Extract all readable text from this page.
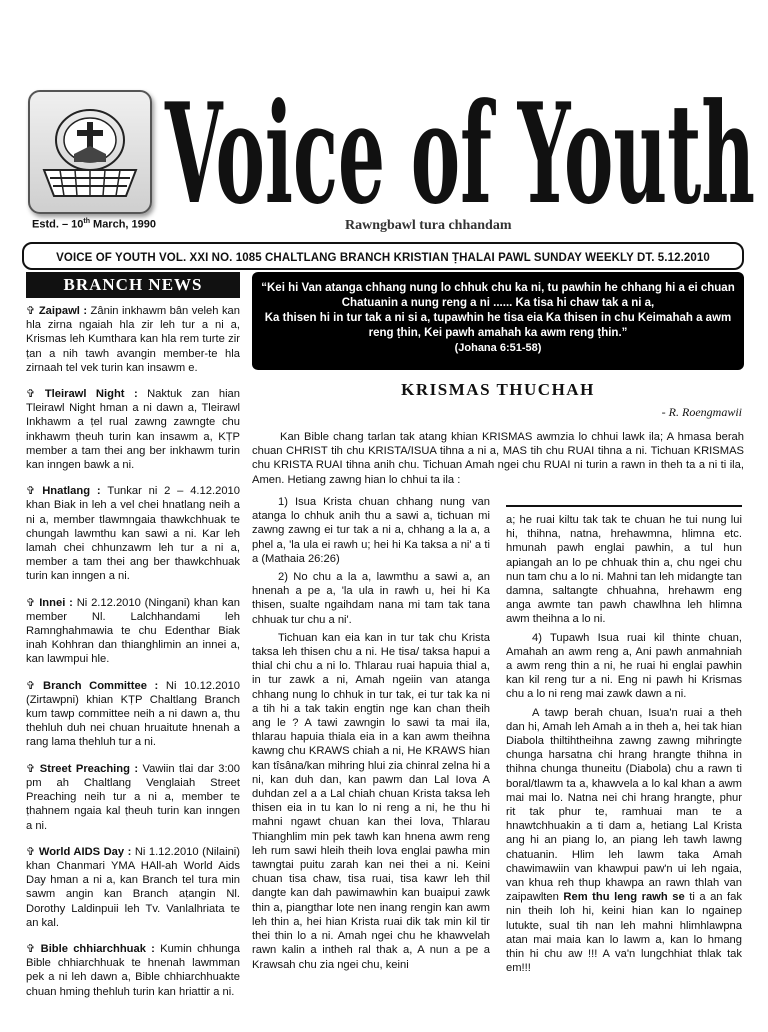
Voice of Youth
Estd. – 10th March, 1990	Rawngbawl tura chhandam
VOICE OF YOUTH VOL. XXI NO. 1085 CHALTLANG BRANCH KRISTIAN ṬHALAI PAWL SUNDAY WEEKLY DT. 5.12.2010
BRANCH NEWS

✞ Zaipawl : Zânin inkhawm bân veleh kan hla zirna ngaiah hla zir leh tur a ni a, Krismas leh Kumthara kan hla rem turte zir ṭan a nih tawh avangin member-te hla zirnaah tel vek turin kan insawm e.

✞ Tleirawl Night : Naktuk zan hian Tleirawl Night hman a ni dawn a, Tleirawl Inkhawm a ṭel rual zawng zawngte chu inkhawm ṭheuh turin kan insawm a, KṬP member a tam thei ang ber inkhawm turin kan inngen bawk a ni.

✞ Hnatlang : Tunkar ni 2 – 4.12.2010 khan Biak in leh a vel chei hnatlang neih a ni a, member tlawmngaia thawkchhuak te chungah lawmthu kan sawi a ni. Kar leh lamah chei chhunzawm leh tur a ni a, member a tam thei ang ber thawkchhuak turin kan inngen a ni.

✞ Innei : Ni 2.12.2010 (Ningani) khan kan member Nl. Lalchhandami leh Ramnghahmawia te chu Edenthar Biak inah Kohhran dan thianghlimin an innei a, kan lawmpui hle.

✞ Branch Committee : Ni 10.12.2010 (Zirtawpni) khian KṬP Chaltlang Branch kum tawp committee neih a ni dawn a, thu thehluh duh nei chuan hruaitute hnenah a rang lama thehluh tur a ni.

✞ Street Preaching : Vawiin tlai dar 3:00 pm ah Chaltlang Venglaiah Street Preaching neih tur a ni a, member te ṭhahnem ngaia kal ṭheuh turin kan inngen a ni.

✞ World AIDS Day : Ni 1.12.2010 (Nilaini) khan Chanmari YMA HAll-ah World Aids Day hman a ni a, kan Branch tel tura min sawm angin kan Branch aṭangin Nl. Dorothy Laldinpuii leh Tv. Vanlalhriata te an kal.

✞ Bible chhiarchhuak : Kumin chhunga Bible chhiarchhuak te hnenah lawmman pek a ni leh dawn a, Bible chhiarchhuakte chuan hming thehluh turin kan hriattir a ni.

“Kei hi Van atanga chhang nung lo chhuk chu ka ni, tu pawhin he chhang hi a ei chuan Chatuanin a nung reng a ni ...... Ka tisa hi chaw tak a ni a,
Ka thisen hi in tur tak a ni si a, tupawhin he tisa eia Ka thisen in chu Keimahah a awm reng ṭhin, Kei pawh amahah ka awm reng ṭhin.”
(Johana 6:51-58)
KRISMAS THUCHAH
- R. Roengmawii
Kan Bible chang tarlan tak atang khian KRISMAS awmzia lo chhui lawk ila; A hmasa berah chuan CHRIST tih chu KRISTA/ISUA tihna a ni a, MAS tih chu RUAI tihna a ni. Tichuan KRISMAS chu KRISTA RUAI tihna anih chu. Tichuan Amah ngei chu RUAI ni turin a rawn in theh ta a ni ti ila, Amen. Hetiang zawng hian lo chhui ta ila :

1) Isua Krista chuan chhang nung van atanga lo chhuk anih thu a sawi a, tichuan mi zawng zawng ei tur tak a ni a, chhang a la a, a phel a, 'la ula ei rawh u; hei hi Ka taksa a ni' a ti a (Mathaia 26:26)

2) No chu a la a, lawmthu a sawi a, an hnenah a pe a, 'la ula in rawh u, hei hi Ka thisen, sualte ngaihdam nana mi tam tak tana chhuak tur chu a ni'.

Tichuan kan eia kan in tur tak chu Krista taksa leh thisen chu a ni. He tisa/ taksa hapui a thial chi chu a ni lo. Thlarau ruai hapuia thial a, in tur zawk a ni, Amah ngeiin van atanga chhang nung lo chhuk in tur tak, ei tur tak ka ni a tih hi a tak takin engtin nge kan chan theih ang le ? A tawi zawngin lo sawi ta mai ila, thlarau hapuia thiala eia in a kan awm theihna kawng chu KRAWS chiah a ni, He KRAWS hian kan tîsâna/kan mihring hlui zia chinral zelna hi a ni, kan duh dan, kan pawm dan Lal Iova A duhdan zel a a Lal chiah chuan Krista taksa leh thisen eia in tu kan lo ni reng a ni, he thu hi mahni ngawt chuan kan thei lova, Thlarau Thianghlim min pek tawh kan hnena awm reng leh rum sawi hleih theih lova englai pawha min tawngtai puitu zarah kan nei thei a ni. Keini chuan tisa chaw, tisa ruai, tisa kawr leh thil dangte kan dah pawimawhin kan buaipui zawk thin a, piangthar lote nen inang rengin kan awm leh thin a, hei hian Krista ruai dik tak min kil tir thei thin lo a ni. Amah ngei chu he khawvelah rawn kalin a intheh ral thak a, A nun a pe a Krawsah chu zia ngei chu, keini

a; he ruai kiltu tak tak te chuan he tui nung lui hi, thihna, natna, hrehawmna, hlimna etc. hmunah pawh englai pawhin, a tul hun apiangah an lo pe chhuak thin a, chu ngei chu nun tam chu a lo ni. Mahni tan leh midangte tan damna, saltangte chhuahna, hrehawm eng anga awmte tan pawh chawlhna leh hlimna awm theihna a lo ni.

4) Tupawh Isua ruai kil thinte chuan, Amahah an awm reng a, Ani pawh anmahniah a awm reng thin a ni, he ruai hi englai pawhin kan kil reng tur a ni. Eng ni pawh hi Krismas chu a lo ni reng mai zawk dawn a ni.

A tawp berah chuan, Isua'n ruai a theh dan hi, Amah leh Amah a in theh a, hei tak hian Diabola thiltihtheihna zawng zawng mihringte chunga harsatna chi hrang hrangte thihna in thihna chunga thuneitu (Diabola) chu a rawn ti boral/tlawm ta a, khawvela a lo kal khan a awm mai mai lo. Natna nei chi hrang hrangte, phur rit tak phur te, ramhuai man te a hnawtchhuakin a ti dam a, hetiang Lal Krista ang hi an piang lo, an piang leh tawh lawng chatuanin. Hlim leh lawm taka Amah chawimawiin van khawpui paw'n ui leh ngaia, van khua reh thup khawpa an rawn thlah van zaipawlten Rem thu leng rawh se ti a an fak nin theih loh hi, keini hian kan lo ngainep lutukte, sual tih nan leh mahni hlimhlawpna atan mai maia kan lo lawm a, kan lo hmang thin hi chu aw !!! A va'n lungchhiat thlak tak em!!!
